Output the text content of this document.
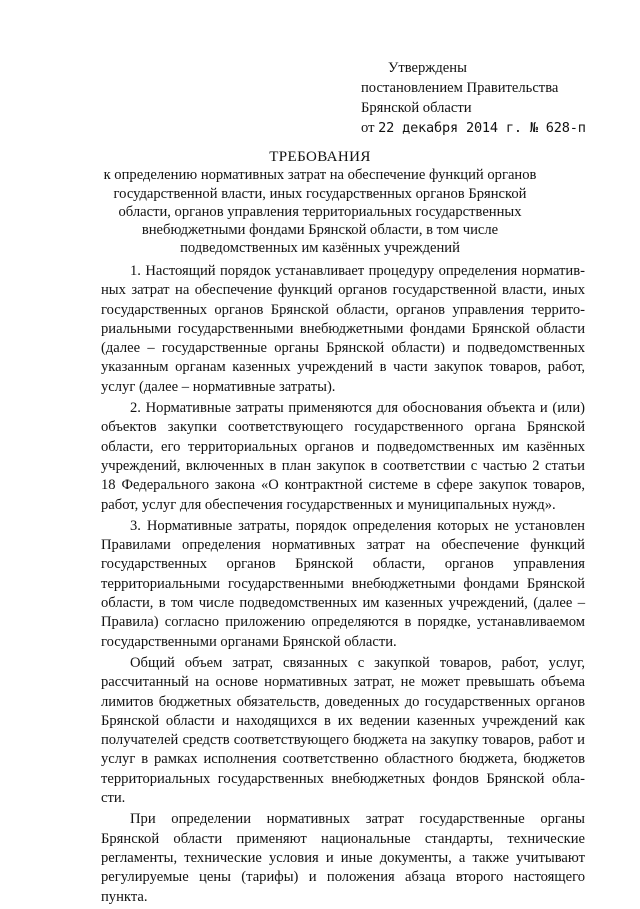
Утверждены
постановлением Правительства
Брянской области
от 22 декабря 2014 г. № 628-п
ТРЕБОВАНИЯ
к определению нормативных затрат на обеспечение функций органов государственной власти, иных государственных органов Брянской области, органов управления территориальных государственных внебюджетными фондами Брянской области, в том числе подведомственных им казённых учреждений

1. Настоящий порядок устанавливает процедуру определения нормативных затрат на обеспечение функций органов государственной власти, иных государственных органов Брянской области, органов управления территориальными государственными внебюджетными фондами Брянской области (далее – государственные органы Брянской области) и подведомственных указанным органам казенных учреждений в части закупок товаров, работ, услуг (далее – нормативные затраты).

2. Нормативные затраты применяются для обоснования объекта и (или) объектов закупки соответствующего государственного органа Брянской области, его территориальных органов и подведомственных им казённых учреждений, включенных в план закупок в соответствии с частью 2 статьи 18 Федерального закона «О контрактной системе в сфере закупок товаров, работ, услуг для обеспечения государственных и муниципальных нужд».

3. Нормативные затраты, порядок определения которых не установлен Правилами определения нормативных затрат на обеспечение функций государственных органов Брянской области, органов управления территориальными государственными внебюджетными фондами Брянской области, в том числе подведомственных им казенных учреждений, (далее – Правила) согласно приложению определяются в порядке, устанавливаемом государственными органами Брянской области.

Общий объем затрат, связанных с закупкой товаров, работ, услуг, рассчитанный на основе нормативных затрат, не может превышать объема лимитов бюджетных обязательств, доведенных до государственных органов Брянской области и находящихся в их ведении казенных учреждений как получателей средств соответствующего бюджета на закупку товаров, работ и услуг в рамках исполнения соответственно областного бюджета, бюджетов территориальных государственных внебюджетных фондов Брянской области.

При определении нормативных затрат государственные органы Брянской области применяют национальные стандарты, технические регламенты, технические условия и иные документы, а также учитывают регулируемые цены (тарифы) и положения абзаца второго настоящего пункта.
